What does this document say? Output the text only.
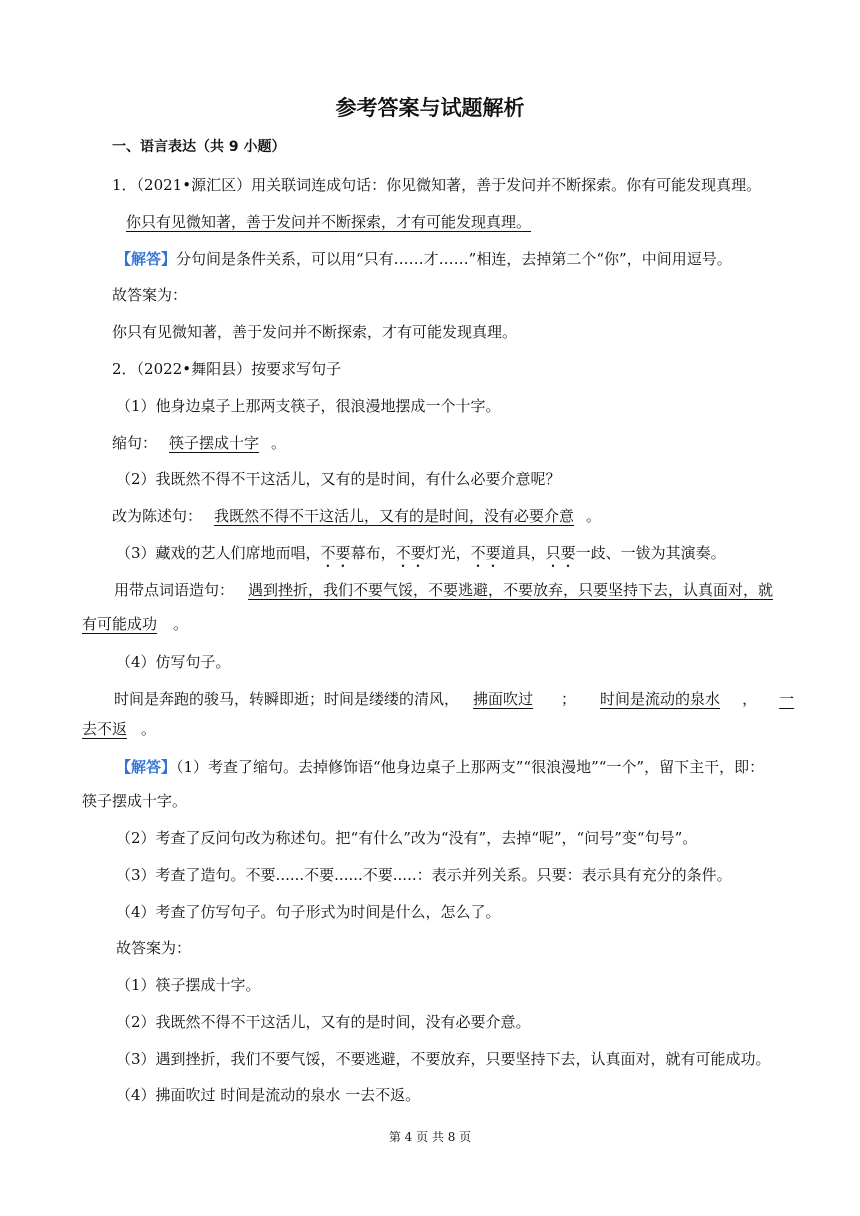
参考答案与试题解析
一、语言表达（共 9 小题）
1．（2021•源汇区）用关联词连成句话：你见微知著，善于发问并不断探索。你有可能发现真理。
你只有见微知著，善于发问并不断探索，才有可能发现真理。
【解答】分句间是条件关系，可以用“只有……才……”相连，去掉第二个“你”，中间用逗号。
故答案为：
你只有见微知著，善于发问并不断探索，才有可能发现真理。
2．（2022•舞阳县）按要求写句子
（1）他身边桌子上那两支筷子，很浪漫地摆成一个十字。
缩句： 筷子摆成十字 。
（2）我既然不得不干这活儿，又有的是时间，有什么必要介意呢？
改为陈述句： 我既然不得不干这活儿，又有的是时间，没有必要介意 。
（3）藏戏的艺人们席地而唱，不要幕布，不要灯光，不要道具，只要一歧、一钹为其演奏。
用带点词语造句： 遇到挫折，我们不要气馁，不要逃避，不要放弃，只要坚持下去，认真面对，就
有可能成功 。
（4）仿写句子。
时间是奔跑的骏马，转瞬即逝；时间是缕缕的清风， 拂面吹过 ； 时间是流动的泉水 ， 一
去不返 。
【解答】（1）考查了缩句。去掉修饰语“他身边桌子上那两支”“很浪漫地”“一个”，留下主干，即：
筷子摆成十字。
（2）考查了反问句改为称述句。把“有什么”改为“没有”，去掉“呢”，“问号”变“句号”。
（3）考查了造句。不要......不要......不要.....：表示并列关系。只要：表示具有充分的条件。
（4）考查了仿写句子。句子形式为时间是什么，怎么了。
故答案为：
（1）筷子摆成十字。
（2）我既然不得不干这活儿，又有的是时间，没有必要介意。
（3）遇到挫折，我们不要气馁，不要逃避，不要放弃，只要坚持下去，认真面对，就有可能成功。
（4）拂面吹过 时间是流动的泉水 一去不返。
第 4 页 共 8 页
